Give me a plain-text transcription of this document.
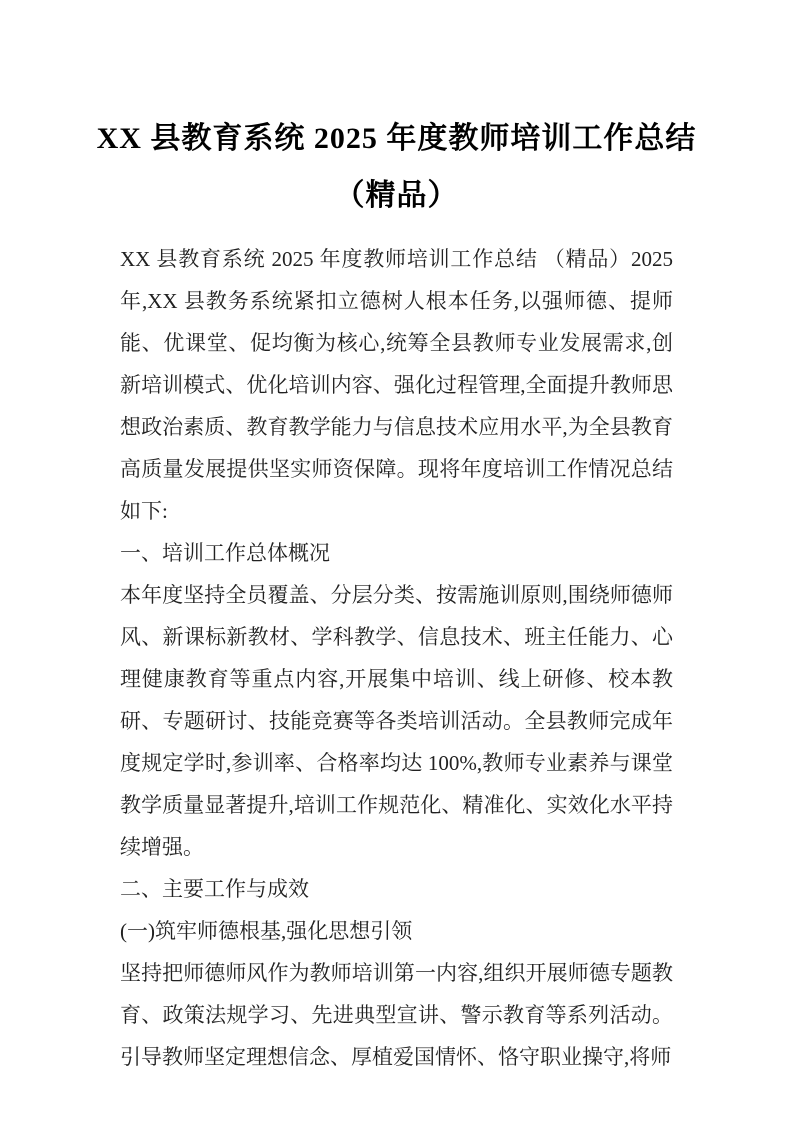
XX 县教育系统 2025 年度教师培训工作总结
（精品）

XX 县教育系统 2025 年度教师培训工作总结 （精品）2025 年,XX 县教务系统紧扣立德树人根本任务,以强师德、提师能、优课堂、促均衡为核心,统筹全县教师专业发展需求,创新培训模式、优化培训内容、强化过程管理,全面提升教师思想政治素质、教育教学能力与信息技术应用水平,为全县教育高质量发展提供坚实师资保障。现将年度培训工作情况总结如下:

一、培训工作总体概况

本年度坚持全员覆盖、分层分类、按需施训原则,围绕师德师风、新课标新教材、学科教学、信息技术、班主任能力、心理健康教育等重点内容,开展集中培训、线上研修、校本教研、专题研讨、技能竞赛等各类培训活动。全县教师完成年度规定学时,参训率、合格率均达 100%,教师专业素养与课堂教学质量显著提升,培训工作规范化、精准化、实效化水平持续增强。

二、主要工作与成效

(一)筑牢师德根基,强化思想引领

坚持把师德师风作为教师培训第一内容,组织开展师德专题教育、政策法规学习、先进典型宣讲、警示教育等系列活动。引导教师坚定理想信念、厚植爱国情怀、恪守职业操守,将师
